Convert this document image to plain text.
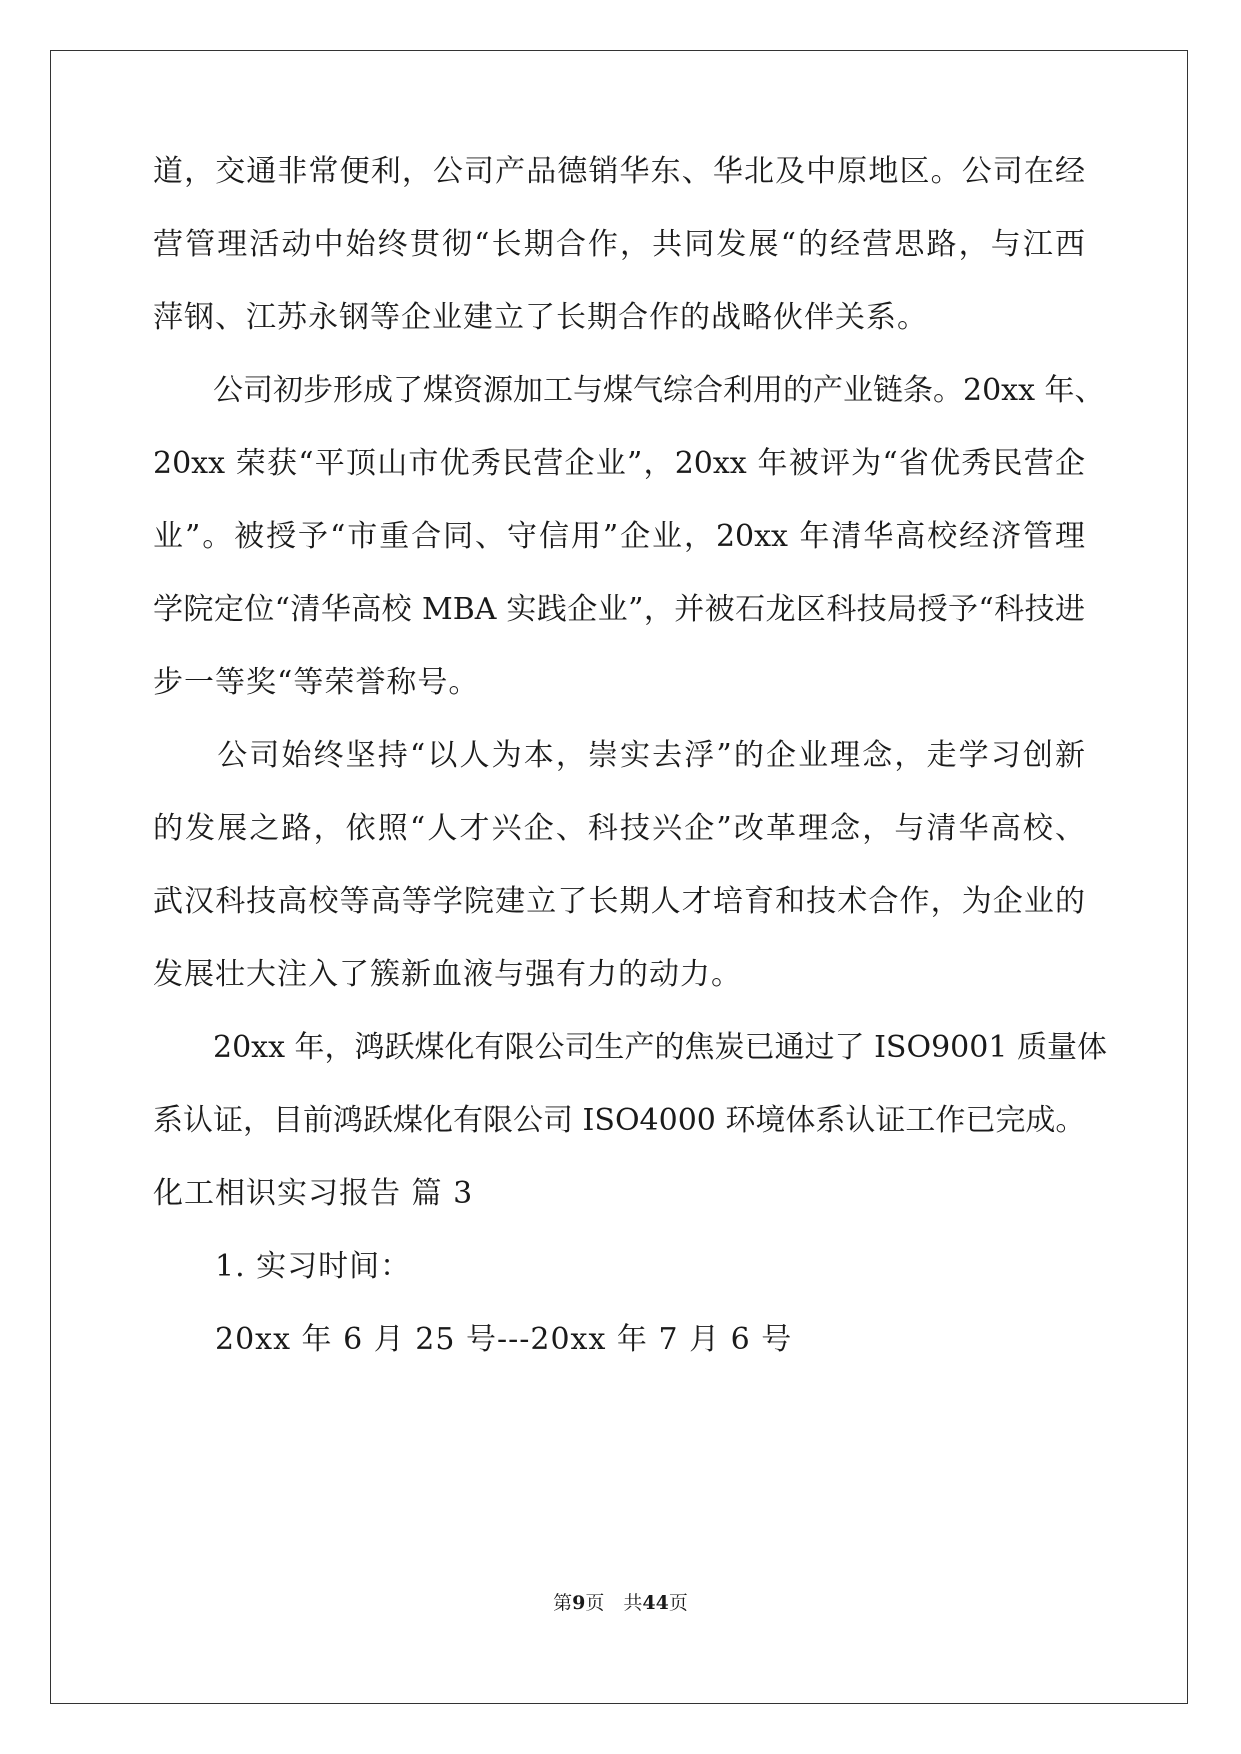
道，交通非常便利，公司产品德销华东、华北及中原地区。公司在经
营管理活动中始终贯彻“长期合作，共同发展“的经营思路，与江西
萍钢、江苏永钢等企业建立了长期合作的战略伙伴关系。
　　公司初步形成了煤资源加工与煤气综合利用的产业链条。20xx 年、
20xx 荣获“平顶山市优秀民营企业”，20xx 年被评为“省优秀民营企
业”。被授予“市重合同、守信用”企业，20xx 年清华高校经济管理
学院定位“清华高校 MBA 实践企业”，并被石龙区科技局授予“科技进
步一等奖“等荣誉称号。
　　公司始终坚持“以人为本，崇实去浮”的企业理念，走学习创新
的发展之路，依照“人才兴企、科技兴企”改革理念，与清华高校、
武汉科技高校等高等学院建立了长期人才培育和技术合作，为企业的
发展壮大注入了簇新血液与强有力的动力。
　　20xx 年，鸿跃煤化有限公司生产的焦炭已通过了 ISO9001 质量体
系认证，目前鸿跃煤化有限公司 ISO4000 环境体系认证工作已完成。
化工相识实习报告 篇 3
　　1. 实习时间：
　　20xx 年 6 月 25 号---20xx 年 7 月 6 号
第9页　共44页
